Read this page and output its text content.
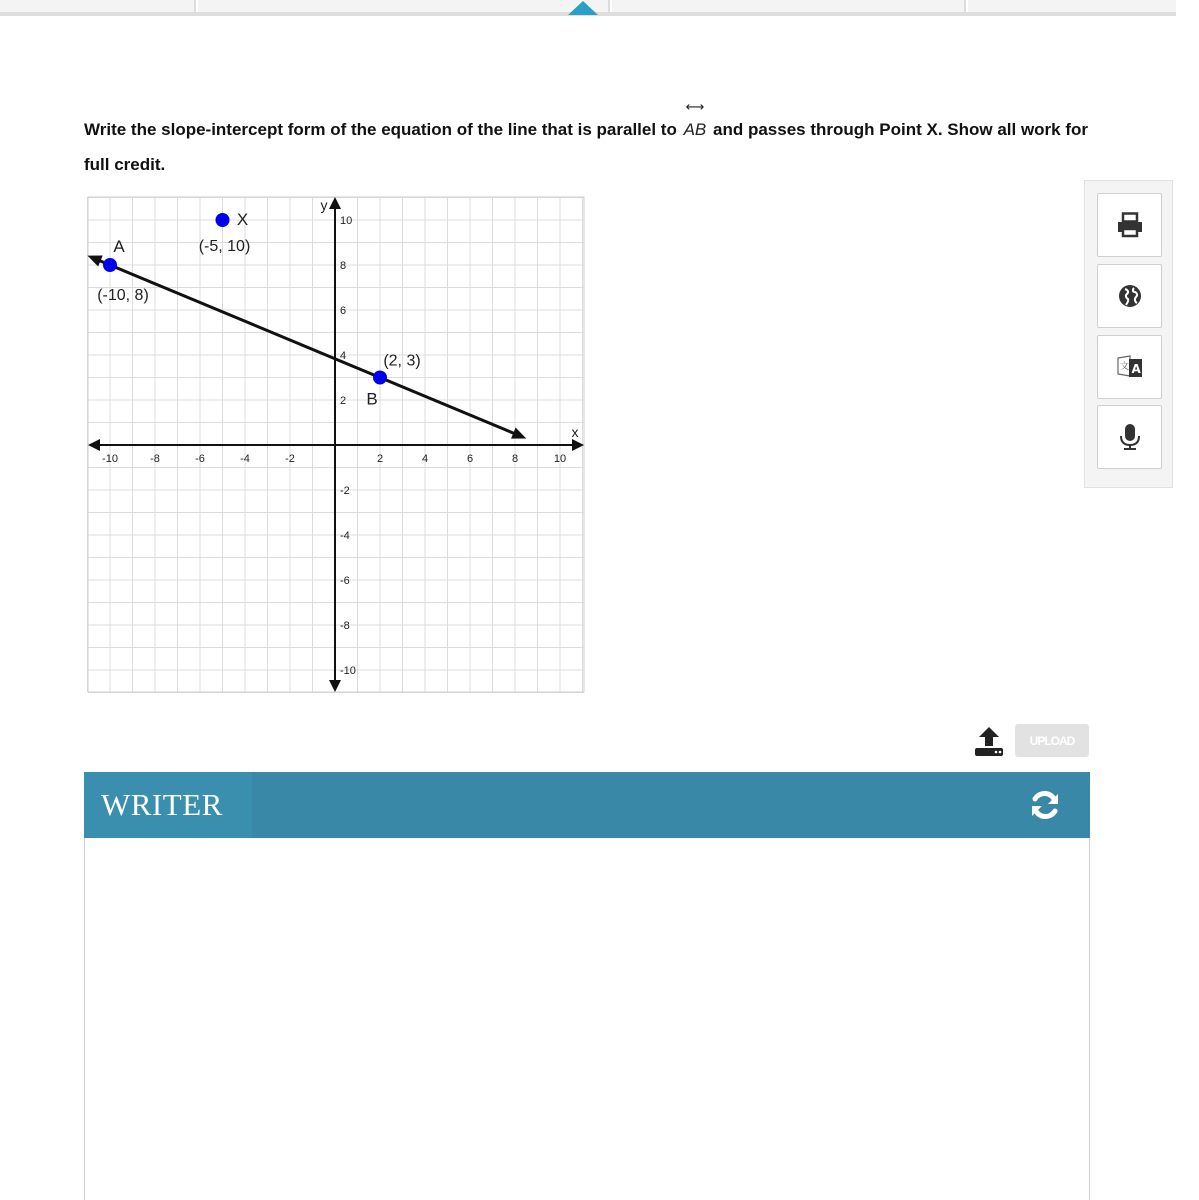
Write the slope-intercept form of the equation of the line that is parallel to
⟷
AB and passes through Point X. Show all work for full credit.
x
y
-10	-8	-6	-4	-2	2	4	6	8	10
10
8
6
4
2
-2
-4
-6
-8
-10
A
(-10, 8)
B
(2, 3)
X
(-5, 10)
文 A
UPLOAD
WRITER
